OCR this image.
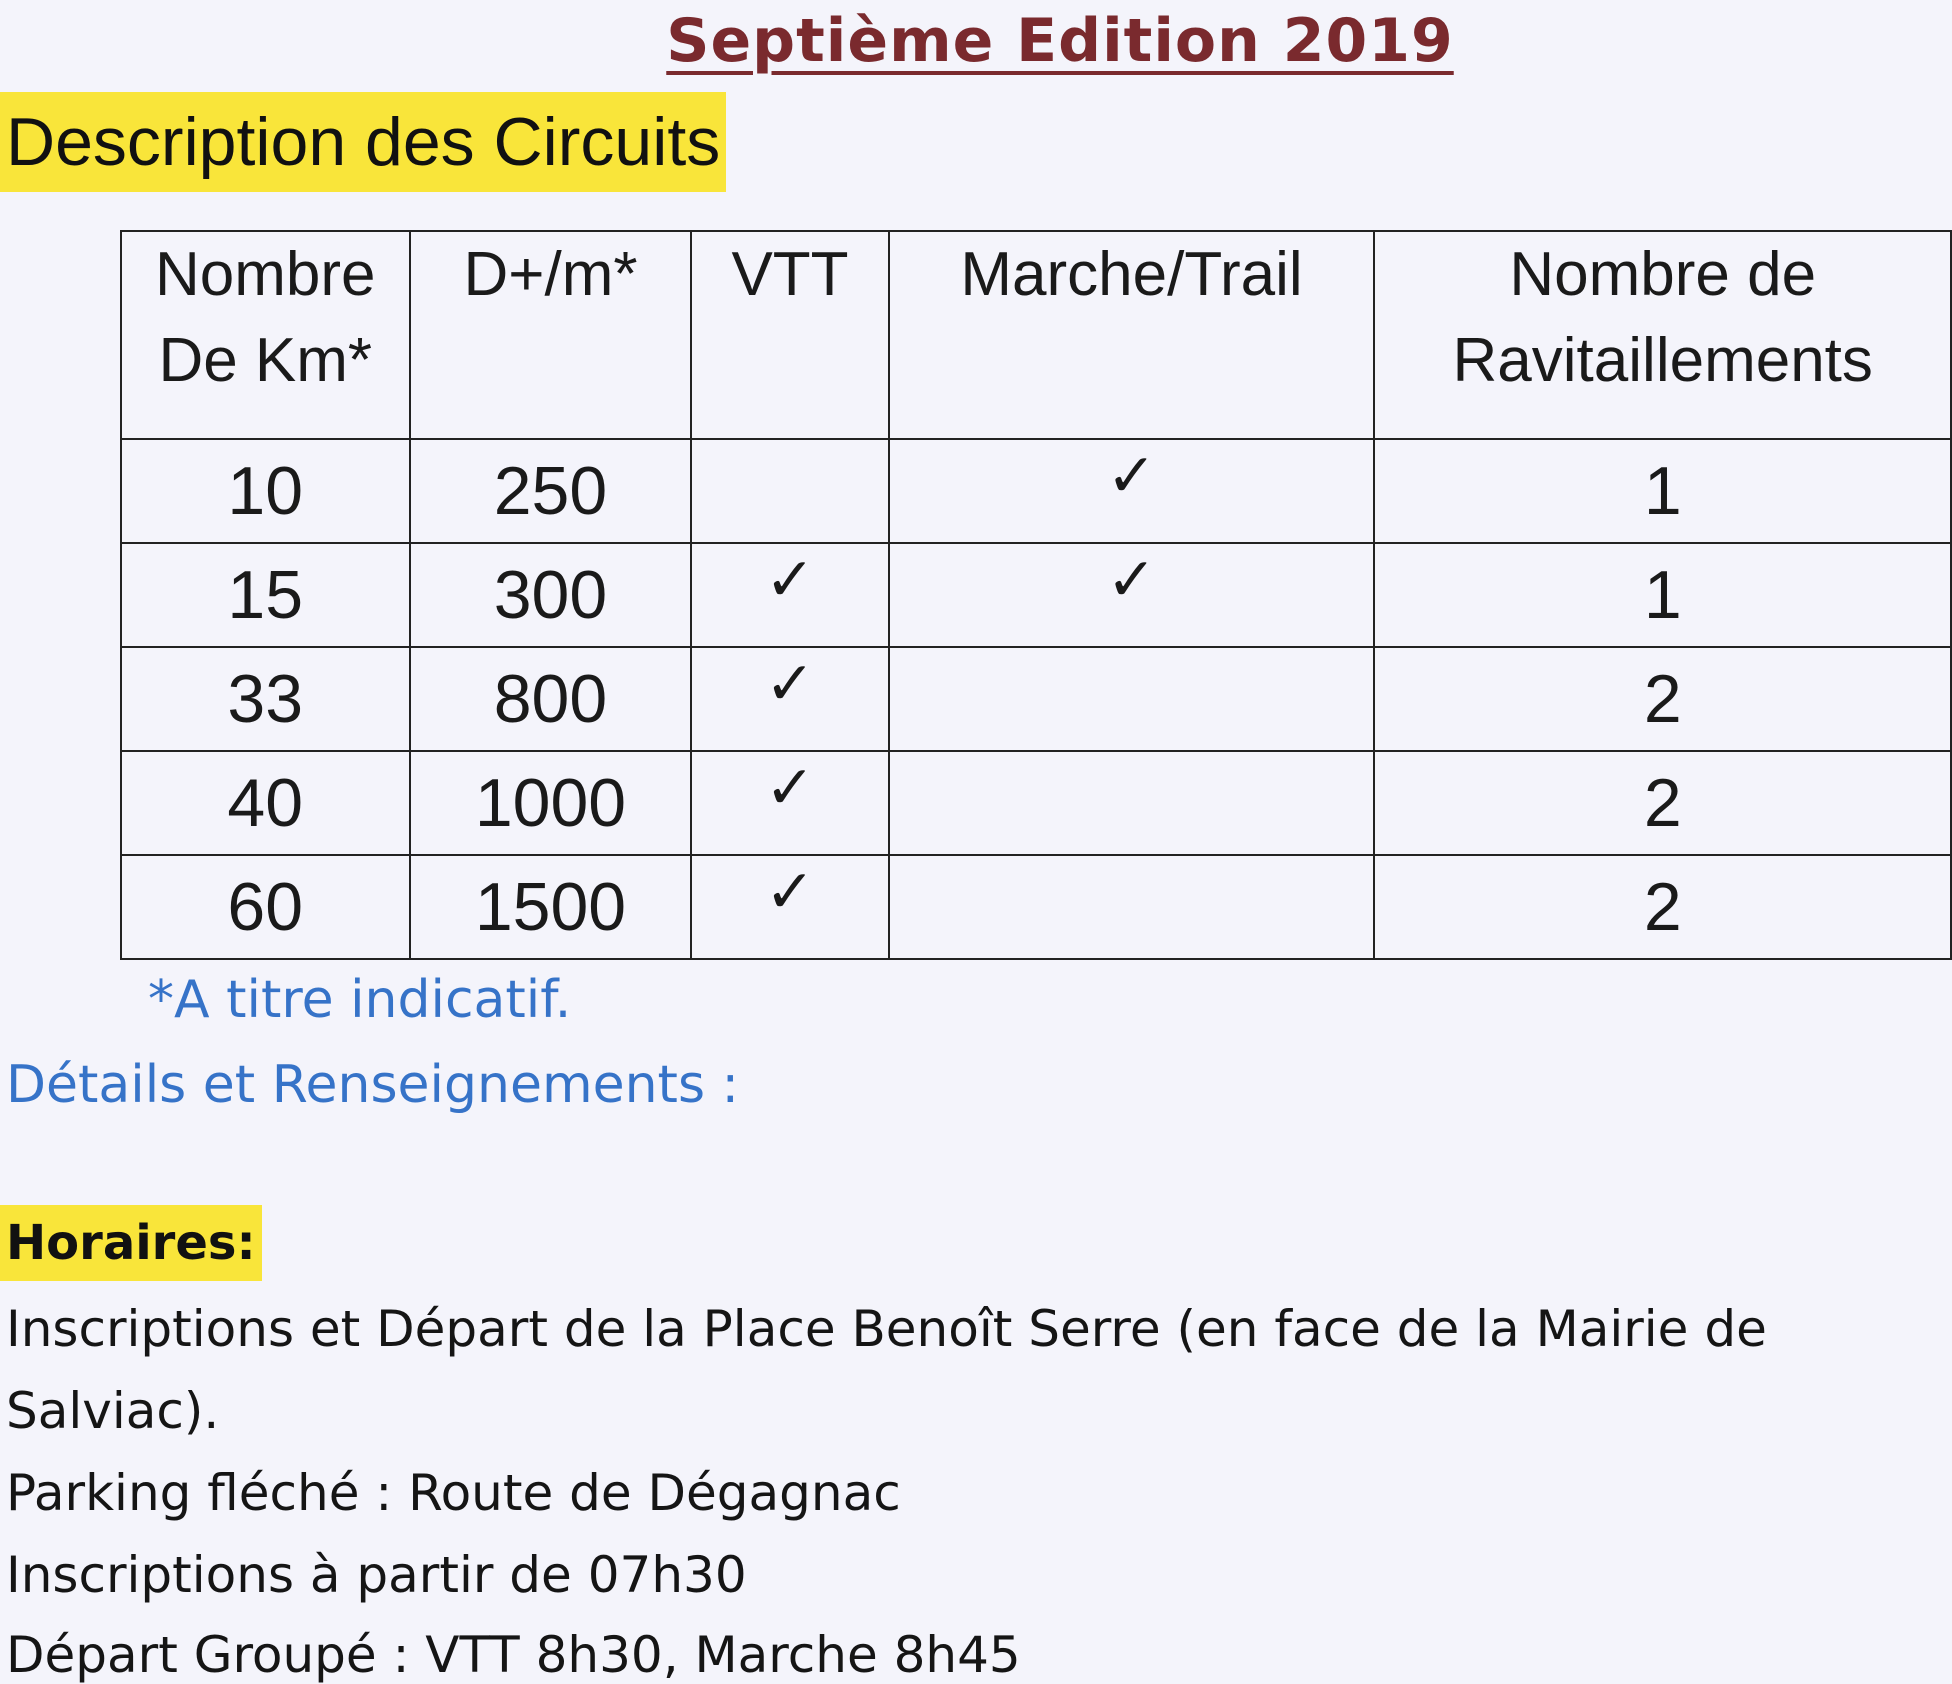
Septième Edition 2019
Description des Circuits
Nombre
De Km*	D+/m*	VTT	Marche/Trail	Nombre de
Ravitaillements
10	250		✓	1
15	300	✓	✓	1
33	800	✓		2
40	1000	✓		2
60	1500	✓		2
*A titre indicatif.
Détails et Renseignements :
Horaires:
Inscriptions et Départ de la Place Benoît Serre (en face de la Mairie de
Salviac).
Parking fléché : Route de Dégagnac
Inscriptions à partir de 07h30
Départ Groupé : VTT 8h30, Marche 8h45
